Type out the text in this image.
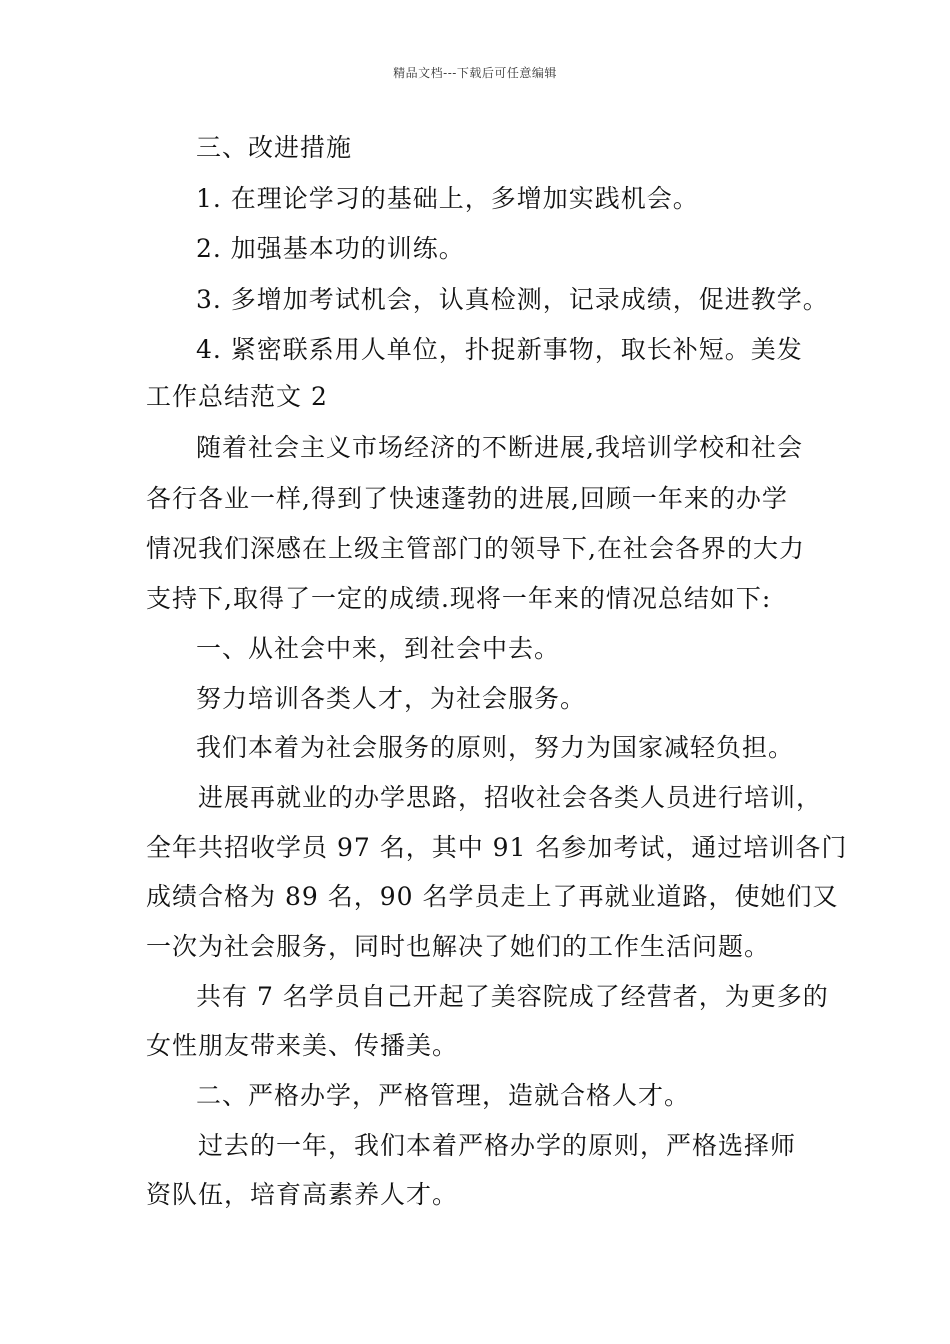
精品文档---下载后可任意编辑
三、改进措施
1. 在理论学习的基础上，多增加实践机会。
2. 加强基本功的训练。
3. 多增加考试机会，认真检测，记录成绩，促进教学。
4. 紧密联系用人单位，扑捉新事物，取长补短。美发
工作总结范文 2
随着社会主义市场经济的不断进展,我培训学校和社会
各行各业一样,得到了快速蓬勃的进展,回顾一年来的办学
情况我们深感在上级主管部门的领导下,在社会各界的大力
支持下,取得了一定的成绩.现将一年来的情况总结如下:
一、从社会中来，到社会中去。
努力培训各类人才，为社会服务。
我们本着为社会服务的原则，努力为国家减轻负担。
进展再就业的办学思路，招收社会各类人员进行培训，
全年共招收学员 97 名，其中 91 名参加考试，通过培训各门
成绩合格为 89 名，90 名学员走上了再就业道路，使她们又
一次为社会服务，同时也解决了她们的工作生活问题。
共有 7 名学员自己开起了美容院成了经营者，为更多的
女性朋友带来美、传播美。
二、严格办学，严格管理，造就合格人才。
过去的一年，我们本着严格办学的原则，严格选择师
资队伍，培育高素养人才。
